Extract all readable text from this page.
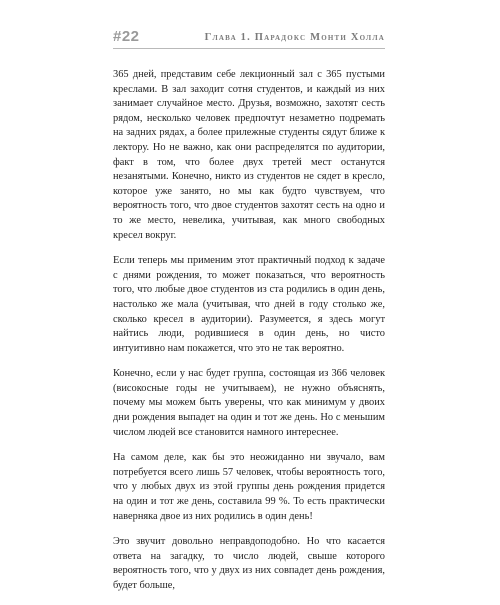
#22	Глава 1. Парадокс Монти Холла

365 дней, представим себе лекционный зал с 365 пустыми креслами. В зал заходит сотня студентов, и каждый из них занимает случайное место. Друзья, возможно, захотят сесть рядом, несколько человек предпочтут незаметно подремать на задних рядах, а более прилежные студенты сядут ближе к лектору. Но не важно, как они распределятся по аудитории, факт в том, что более двух третей мест останутся незанятыми. Конечно, никто из студентов не сядет в кресло, которое уже занято, но мы как будто чувствуем, что вероятность того, что двое студентов захотят сесть на одно и то же место, невелика, учитывая, как много свободных кресел вокруг.

Если теперь мы применим этот практичный подход к задаче с днями рождения, то может показаться, что вероятность того, что любые двое студентов из ста родились в один день, настолько же мала (учитывая, что дней в году столько же, сколько кресел в аудитории). Разумеется, я здесь могут найтись люди, родившиеся в один день, но чисто интуитивно нам покажется, что это не так вероятно.

Конечно, если у нас будет группа, состоящая из 366 человек (високосные годы не учитываем), не нужно объяснять, почему мы можем быть уверены, что как минимум у двоих дни рождения выпадет на один и тот же день. Но с меньшим числом людей все становится намного интереснее.

На самом деле, как бы это неожиданно ни звучало, вам потребуется всего лишь 57 человек, чтобы вероятность того, что у любых двух из этой группы день рождения придется на один и тот же день, составила 99 %. То есть практически наверняка двое из них родились в один день!

Это звучит довольно неправдоподобно. Но что касается ответа на загадку, то число людей, свыше которого вероятность того, что у двух из них совпадет день рождения, будет больше,
